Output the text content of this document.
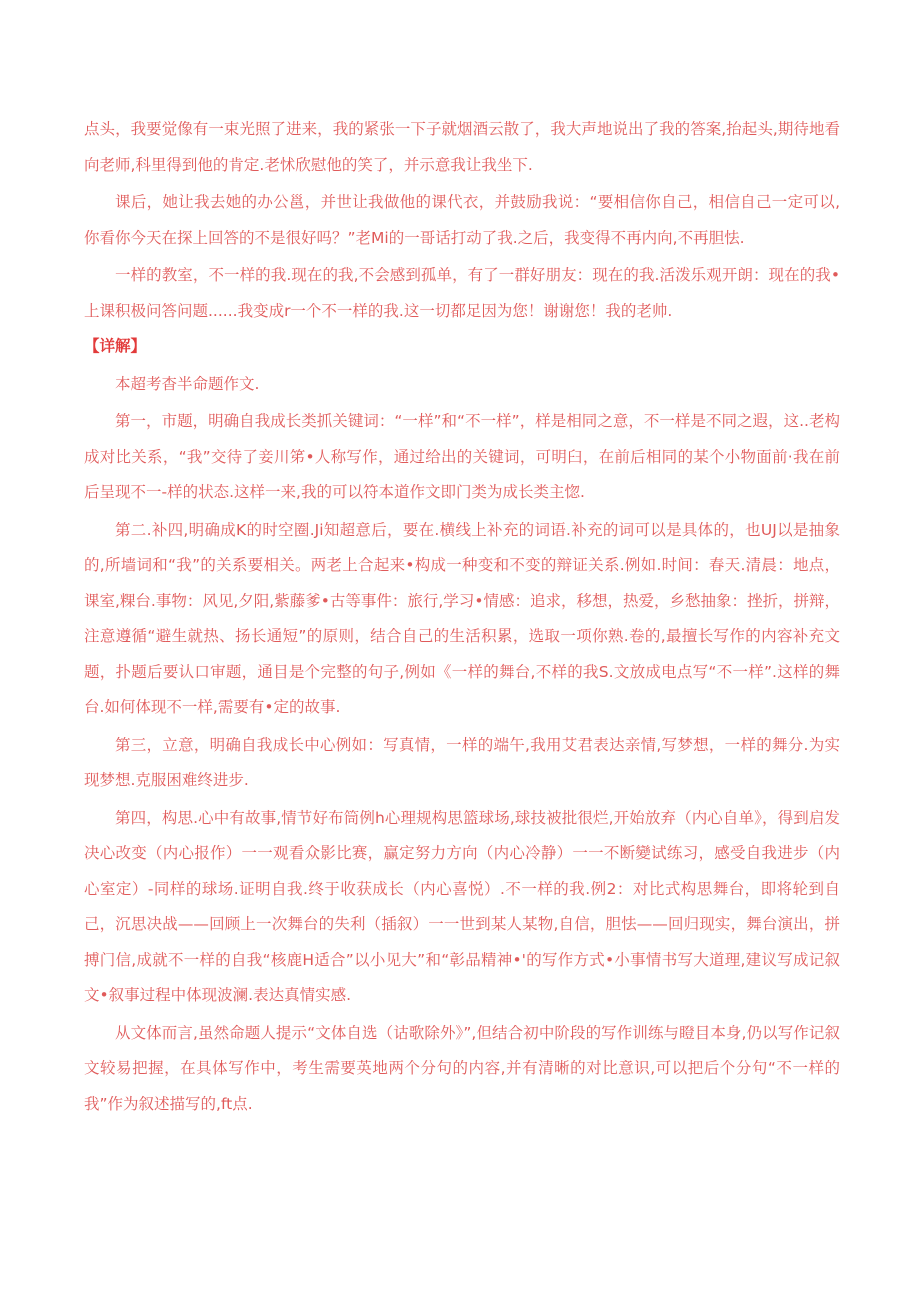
点头，我要觉像有一束光照了进来，我的紧张一下子就烟酒云散了，我大声地说出了我的答案,抬起头,期待地看向老师,科里得到他的肯定.老怵欣慰他的笑了，并示意我让我坐下.

课后，她让我去她的办公邕，并世让我做他的课代衣，并鼓励我说：“要相信你自己，相信自己一定可以,你看你今天在探上回答的不是很好吗？”老Mi的一哥话打动了我.之后，我变得不再内向,不再胆怯.

一样的教室，不一样的我.现在的我,不会感到孤单，有了一群好朋友：现在的我.活泼乐观开朗：现在的我•上课积极问答问题......我变成r一个不一样的我.这一切都足因为您！谢谢您！我的老帅.

【详解】

本超考杳半命题作文.

第一，市题，明确自我成长类抓关键词：“一样”和“不一样”，样是相同之意，不一样是不同之遐，这..老构成对比关系，“我”交待了妾川笫•人称写作，通过给出的关键词，可明臼，在前后相同的某个小物面前·我在前后呈现不一-样的状态.这样一来,我的可以符本道作文即门类为成长类主惚.

第二.补四,明确成K的时空圈.Ji知超意后，要在.横线上补充的词语.补充的词可以是具体的，也UJ以是抽象的,所墙词和“我”的关系要相关。两老上合起来•构成一种变和不变的辩证关系.例如.时间：春天.清晨：地点，课室,粿台.事物：风见,夕阳,紫藤爹•古等事件：旅行,学习•情感：追求，移想，热爱，乡愁抽象：挫折，拼辩，注意遵循“避生就热、扬长通短”的原则，结合自己的生活积累，选取一项你熟.卷的,最擅长写作的内容补充文题，扑题后要认口审题，通目是个完整的句子,例如《一样的舞台,不样的我S.文放成电点写“不一样”.这样的舞台.如何体现不一样,需要有•定的故事.

第三，立意，明确自我成长中心例如：写真情，一样的端午,我用艾君表达亲情,写梦想，一样的舞分.为实现梦想.克服困难终进步.

第四，构思.心中有故事,情节好布筒例h心理规构思篮球场,球技被批很烂,开始放弃（内心自单》，得到启发决心改变（内心报作）一一观看众影比赛，赢定努力方向（内心冷静）一一不断變试练习，感受自我进步（内心室定）-同样的球场.证明自我.终于收获成长（内心喜悦）.不一样的我.例2：对比式构思舞台，即将轮到自己，沉思决战——回顾上一次舞台的失利（插叙）一一世到某人某物,自信，胆怯——回归现实，舞台演出，拼搏门信,成就不一样的自我“核鹿H适合”以小见大”和“彰品精神•'的写作方式•小事情书写大道理,建议写成记叙文•叙事过程中体现波澜.表达真情实感.

从文体而言,虽然命题人提示“文体自选（诂歌除外》”,但结合初中阶段的写作训练与瞪目本身,仍以写作记叙文较易把握，在具体写作中，考生需要英地两个分句的内容,并有清晰的对比意识,可以把后个分句“不一样的我”作为叙述描写的,ft点.
